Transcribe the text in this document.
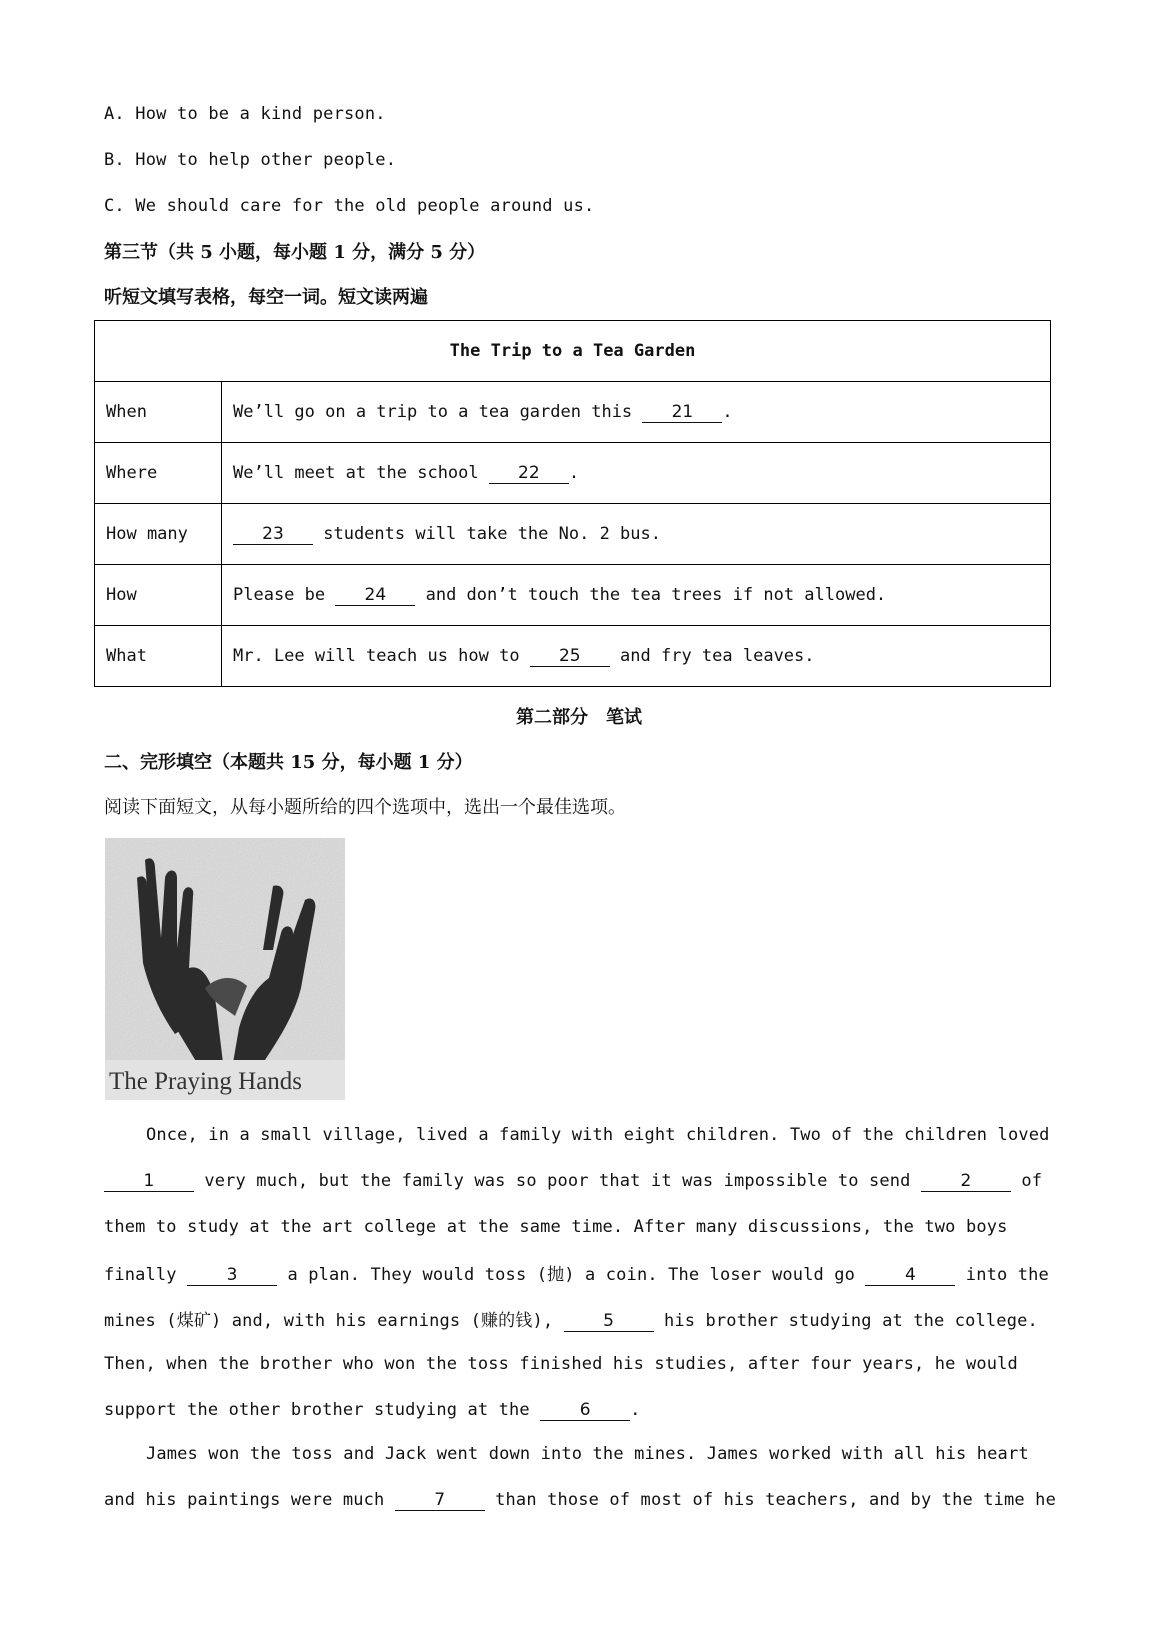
A. How to be a kind person.
B. How to help other people.
C. We should care for the old people around us.
第三节（共 5 小题，每小题 1 分，满分 5 分）
听短文填写表格，每空一词。短文读两遍
The Trip to a Tea Garden	
When	We’ll go on a trip to a tea garden this 21 .
Where	We’ll meet at the school 22 .
How many	23 students will take the No. 2 bus.
How	Please be 24 and don’t touch the tea trees if not allowed.
What	Mr. Lee will teach us how to 25 and fry tea leaves.
第二部分　笔试
二、完形填空（本题共 15 分，每小题 1 分）
阅读下面短文，从每小题所给的四个选项中，选出一个最佳选项。
The Praying Hands
Once, in a small village, lived a family with eight children. Two of the children loved
1 very much, but the family was so poor that it was impossible to send 2 of
them to study at the art college at the same time. After many discussions, the two boys
finally 3 a plan. They would toss (抛) a coin. The loser would go 4 into the
mines (煤矿) and, with his earnings (赚的钱), 5 his brother studying at the college.
Then, when the brother who won the toss finished his studies, after four years, he would
support the other brother studying at the 6 .
James won the toss and Jack went down into the mines. James worked with all his heart
and his paintings were much 7 than those of most of his teachers, and by the time he
